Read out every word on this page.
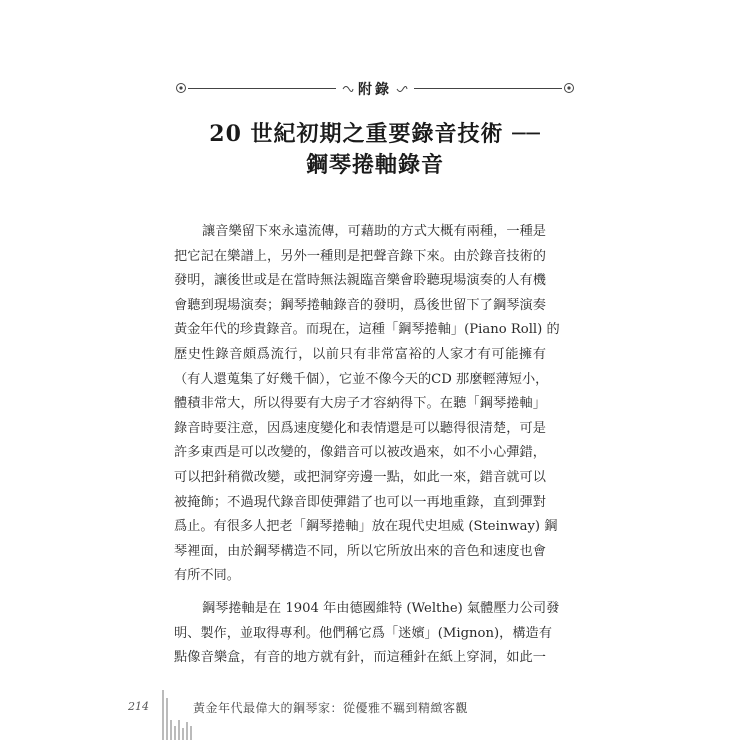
附錄
20 世紀初期之重要錄音技術 ──
鋼琴捲軸錄音
讓音樂留下來永遠流傳，可藉助的方式大概有兩種，一種是
把它記在樂譜上，另外一種則是把聲音錄下來。由於錄音技術的
發明，讓後世或是在當時無法親臨音樂會聆聽現場演奏的人有機
會聽到現場演奏；鋼琴捲軸錄音的發明，爲後世留下了鋼琴演奏
黃金年代的珍貴錄音。而現在，這種「鋼琴捲軸」(Piano Roll) 的
歷史性錄音頗爲流行，以前只有非常富裕的人家才有可能擁有
（有人還蒐集了好幾千個），它並不像今天的CD 那麼輕薄短小，
體積非常大，所以得要有大房子才容納得下。在聽「鋼琴捲軸」
錄音時要注意，因爲速度變化和表情還是可以聽得很清楚，可是
許多東西是可以改變的，像錯音可以被改過來，如不小心彈錯，
可以把針稍微改變，或把洞穿旁邊一點，如此一來，錯音就可以
被掩飾；不過現代錄音即使彈錯了也可以一再地重錄，直到彈對
爲止。有很多人把老「鋼琴捲軸」放在現代史坦威 (Steinway) 鋼
琴裡面，由於鋼琴構造不同，所以它所放出來的音色和速度也會
有所不同。
鋼琴捲軸是在 1904 年由德國維特 (Welthe) 氣體壓力公司發
明、製作，並取得專利。他們稱它爲「迷嬪」(Mignon)，構造有
點像音樂盒，有音的地方就有針，而這種針在紙上穿洞，如此一
214	黃金年代最偉大的鋼琴家：從優雅不羈到精緻客觀
